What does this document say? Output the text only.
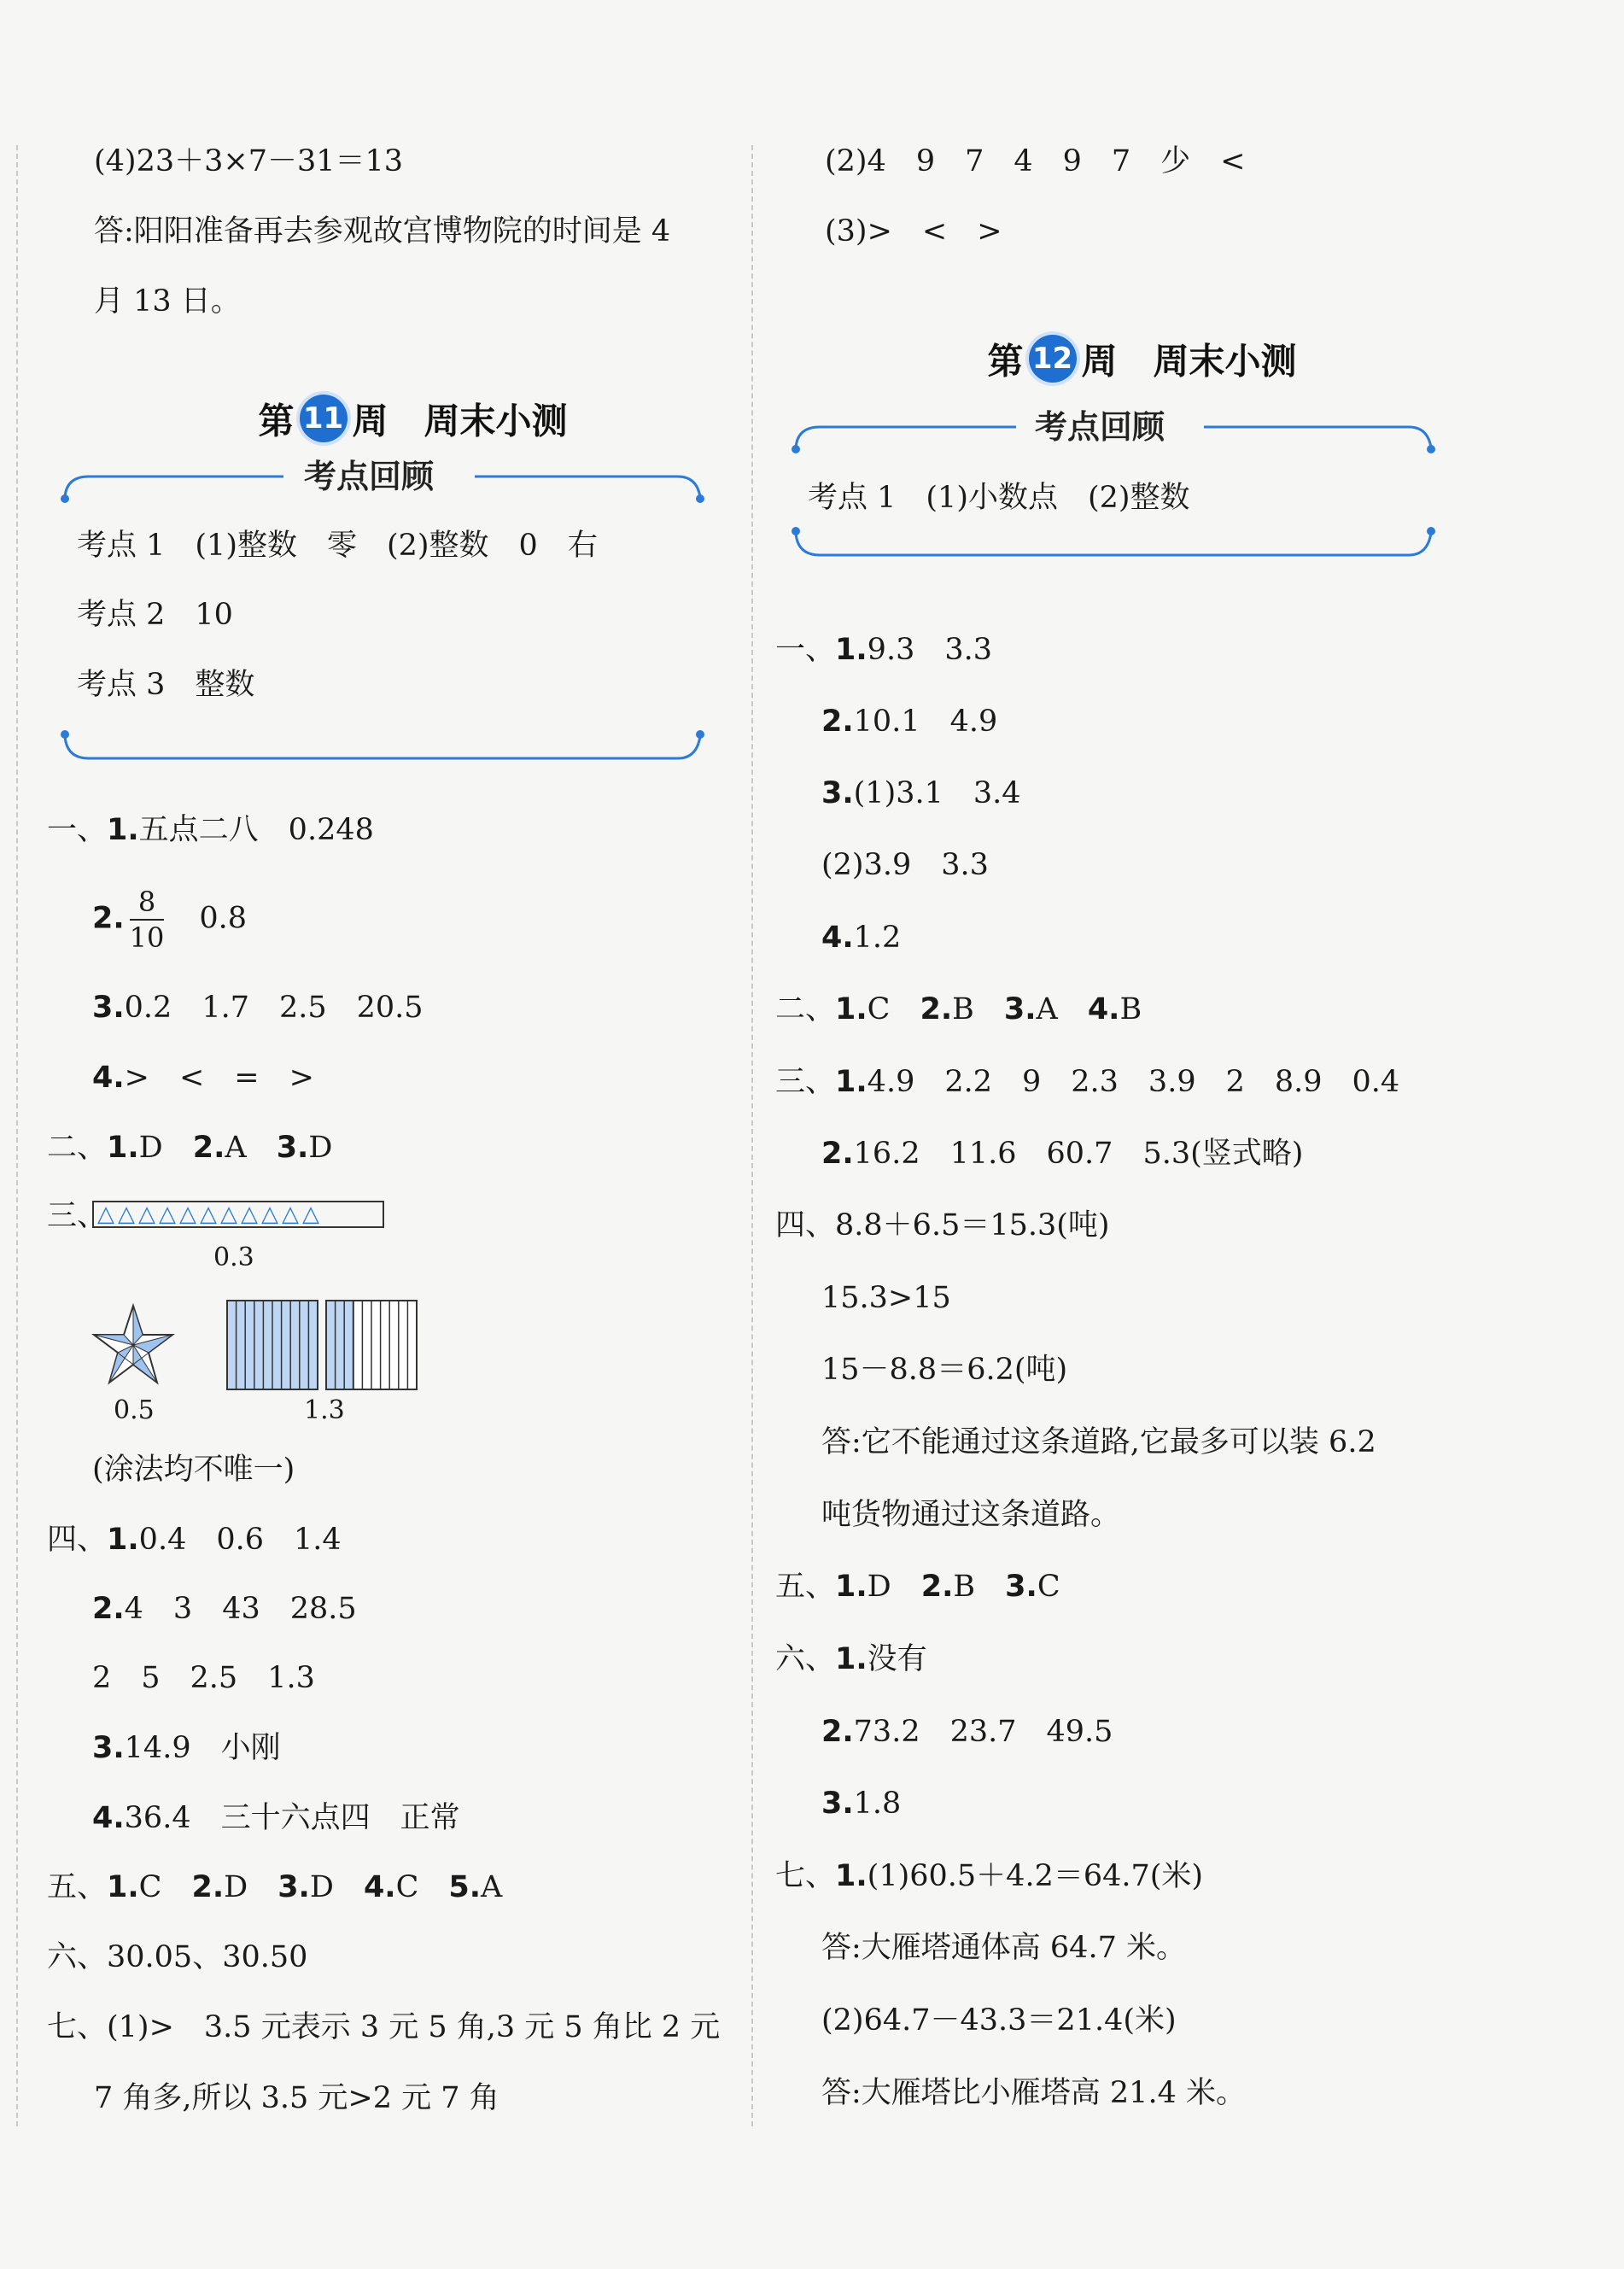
(4)23＋3×7－31＝13
答:阳阳准备再去参观故宫博物院的时间是 4
月 13 日。

第 11 周　周末小测

考点回顾
考点 1　(1)整数　零　(2)整数　0　右
考点 2　10
考点 3　整数
一、1.五点二八　0.248
2. $\frac{8}{10}$
　 0.8
3.0.2　1.7　2.5　20.5
4.>　<　=　>
二、1.D　 2.A　 3.D
三、
△△△△△△△△△△△
0.3
0.5	1.3
(涂法均不唯一)
四、1.0.4　0.6　1.4
2.4　3　43　28.5
2　5　2.5　1.3
3.14.9　小刚
4.36.4　三十六点四　正常
五、1.C　 2.D　 3.D　 4.C　 5.A
六、30.05、30.50
七、(1)>　3.5 元表示 3 元 5 角,3 元 5 角比 2 元
7 角多,所以 3.5 元>2 元 7 角
(2)4　9　7　4　9　7　少　<
(3)>　<　>

第 12 周　周末小测

考点回顾
考点 1　(1)小数点　(2)整数
一、1.9.3　3.3
2.10.1　4.9
3.(1)3.1　3.4
(2)3.9　3.3
4.1.2
二、1.C　 2.B　 3.A　 4.B
三、1.4.9　2.2　9　2.3　3.9　2　8.9　0.4
2.16.2　11.6　60.7　5.3(竖式略)
四、8.8＋6.5＝15.3(吨)
15.3>15
15－8.8＝6.2(吨)
答:它不能通过这条道路,它最多可以装 6.2
吨货物通过这条道路。
五、1.D　 2.B　 3.C
六、1.没有
2.73.2　23.7　49.5
3.1.8
七、1.(1)60.5＋4.2＝64.7(米)
答:大雁塔通体高 64.7 米。
(2)64.7－43.3＝21.4(米)
答:大雁塔比小雁塔高 21.4 米。
